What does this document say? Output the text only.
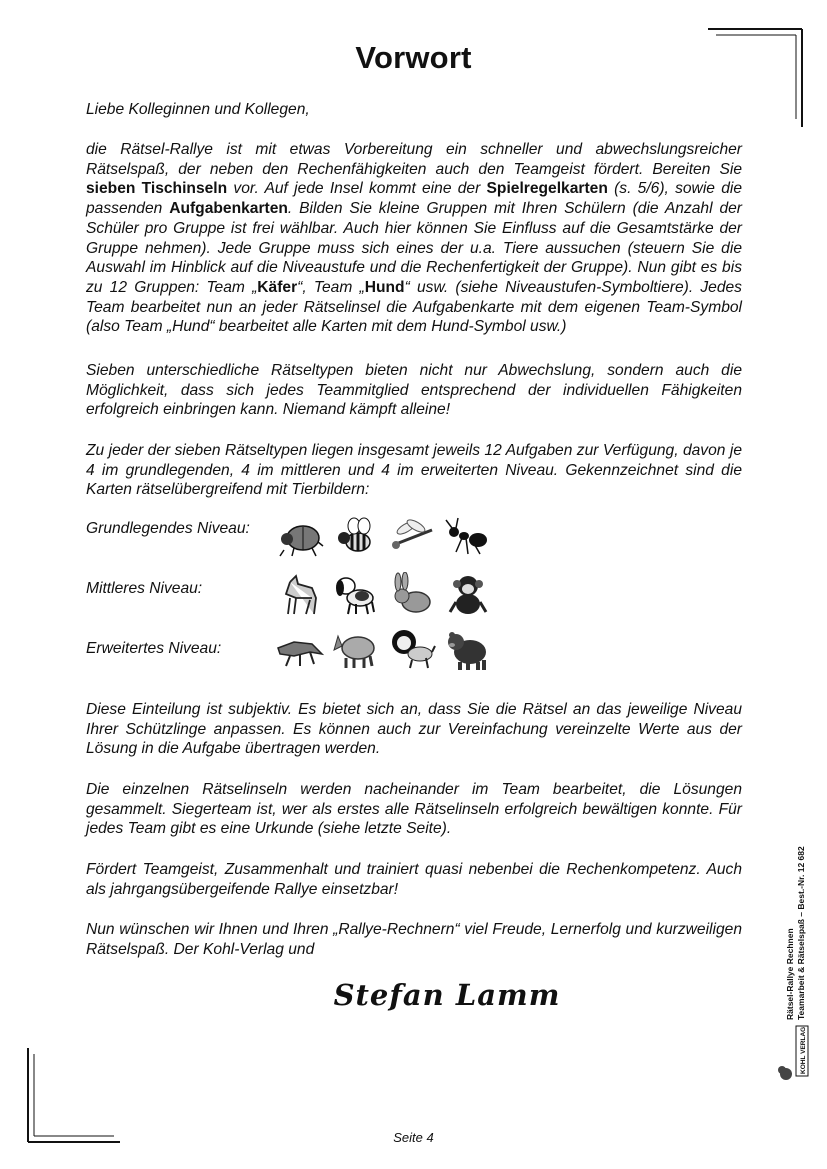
Vorwort

Liebe Kolleginnen und Kollegen,

die Rätsel-Rallye ist mit etwas Vorbereitung ein schneller und abwechslungsreicher Rätselspaß, der neben den Rechenfähigkeiten auch den Teamgeist fördert. Bereiten Sie sieben Tischinseln vor. Auf jede Insel kommt eine der Spielregelkarten (s. 5/6), sowie die passenden Aufgabenkarten. Bilden Sie kleine Gruppen mit Ihren Schülern (die Anzahl der Schüler pro Gruppe ist frei wählbar. Auch hier können Sie Einfluss auf die Gesamtstärke der Gruppe nehmen). Jede Gruppe muss sich eines der u.a. Tiere aussuchen (steuern Sie die Auswahl im Hinblick auf die Niveaustufe und die Rechenfertigkeit der Gruppe). Nun gibt es bis zu 12 Gruppen: Team „Käfer“, Team „Hund“ usw. (siehe Niveaustufen-Symboltiere). Jedes Team bearbeitet nun an jeder Rätselinsel die Aufgabenkarte mit dem eigenen Team-Symbol (also Team „Hund“ bearbeitet alle Karten mit dem Hund-Symbol usw.)

Sieben unterschiedliche Rätseltypen bieten nicht nur Abwechslung, sondern auch die Möglichkeit, dass sich jedes Teammitglied entsprechend der individuellen Fähigkeiten erfolgreich einbringen kann. Niemand kämpft alleine!

Zu jeder der sieben Rätseltypen liegen insgesamt jeweils 12 Aufgaben zur Verfügung, davon je 4 im grundlegenden, 4 im mittleren und 4 im erweiterten Niveau. Gekennzeichnet sind die Karten rätselübergreifend mit Tierbildern:

Grundlegendes Niveau:
Mittleres Niveau:
Erweitertes Niveau:

Diese Einteilung ist subjektiv. Es bietet sich an, dass Sie die Rätsel an das jeweilige Niveau Ihrer Schützlinge anpassen. Es können auch zur Vereinfachung vereinzelte Werte aus der Lösung in die Aufgabe übertragen werden.

Die einzelnen Rätselinseln werden nacheinander im Team bearbeitet, die Lösungen gesammelt. Siegerteam ist, wer als erstes alle Rätselinseln erfolgreich bewältigen konnte. Für jedes Team gibt es eine Urkunde (siehe letzte Seite).

Fördert Teamgeist, Zusammenhalt und trainiert quasi nebenbei die Rechenkompetenz. Auch als jahrgangsübergeifende Rallye einsetzbar!

Nun wünschen wir Ihnen und Ihren „Rallye-Rechnern“ viel Freude, Lernerfolg und kurzweiligen Rätselspaß. Der Kohl-Verlag und

Stefan Lamm	Rätsel-Rallye Rechnen Teamarbeit & Rätselspaß – Best.-Nr. 12 682
KOHL VERLAG
Seite 4
